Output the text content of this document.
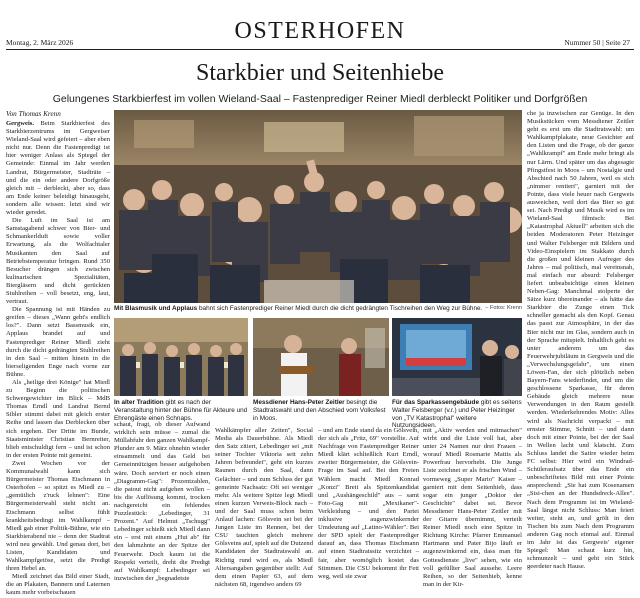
Montag, 2. März 2026	OSTERHOFEN	Nummer 50 | Seite 27
Starkbier und Seitenhiebe
Gelungenes Starkbierfest im vollen Wieland-Saal – Fastenprediger Reiner Miedl derbleckt Politiker und Dorfgrößen
Von Thomas Krenn

Gergweis. Beim Starkbierfest des Starkbierzentrums im Gergweiser Wieland-Saal wird gefeiert – aber eben nicht nur. Denn die Fastenpredigt ist hier weniger Anlass als Spiegel der Gemeinde: Einmal im Jahr werden Landrat, Bürgermeister, Stadträte – und die ein oder andere Dorfgröße gleich mit – derbleckt, aber so, dass am Ende keiner beleidigt hinausgeht, sondern alle wissen: letzt sind wir wieder geredet.

Die Luft im Saal ist am Samstagabend schwer von Bier- und Schmankerlduft sowie voller Erwartung, als die Wolfachtaler Musikanten den Saal auf Betriebstemperatur bringen. Rund 350 Besucher drängen sich zwischen kulinarischen Spezialitäten, Biergläsern und dicht gerückten Stuhlreihen – voll besetzt, eng, laut, vertraut.

Die Spannung ist mit Händen zu greifen – dieses „Wann geht's endlich los?". Dann setzt Bassmusik ein, Applaus brandet auf und Fastenprediger Reiner Miedl zieht durch die dicht gedrängten Stuhlreihen in den Saal – mitten hinein in die bierseligenden Enge nach vorne zur Bühne.

Als „heilige drei Könige" hat Miedl zu Beginn die politischen Schwergewichter im Blick – MdB Thomas Erndl und Landrat Bernd Sibler stimmt dabei mit gleich erster Reihe und lassen das Derblecken über sich ergehen. Der Dritte im Bunde, Staatsminister Christian Bernreiter, blieb entschuldigt fern – und ist schon in der ersten Pointe mit gemeint.

Zwei Wochen vor der Kommunalwahl kann sich Bürgermeister Thomas Etschmann in Osterhofen – so spitzt es Miedl zu – „gemütlich z'ruck lehnen": Eine Bürgermeisterwahl steht nicht an. Etschmann selbst fühlt krankheitsbedingt im Wahlkampf – Miedl gab einer Politik-Bühne, wie ein Starkbierabend nie – denn der Stadtrat wird neu gewählt. Und genau dort, bei Listen, Kandidaten und Wahlkampfgetöse, setzt die Predigt ihren Hebel an.

Miedl zeichnet das Bild einer Stadt, die an Plakaten, Bannern und Laternen kaum mehr vorbeischauen

Mit Blasmusik und Applaus bahnt sich Fastenprediger Reiner Miedl durch die dicht gedrängten Tischreihen den Weg zur Bühne. – Fotos: Krenn

che ja inzwischen zur Genüge. In den Musikstücken vom Messdiener Zeitler geht es erst um die Stadtratswahl: um Wahlkampfplakate, neue Gesichter auf den Listen und die Frage, ob der ganze „Wahlkrampf" am Ende mehr bringt als nur Lärm. Und später um das abgesagte Pfingstfest in Moos – um Nostalgie und Abschied nach 50 Jahren, weil es sich „nimmer rentiert", garniert mit der Pointe, dass viele heuer nach Gergweis ausweichen, weil dort das Bier so gut sei. Nach Predigt und Musik wird es im Wieland-Saal filmisch: Bei „Katastrophal Aktuell" arbeiten sich die beiden Moderatoren Peter Heizinger und Walter Felsberger mit Bildern und Video-Einspielern im Stakkato durch die großen und kleinen Aufreger des Jahres – mal politisch, mal vereinsnah, mal einfach nur absurd: Felsberger liefert unbeabsichtige einen kleinen Neben-Gag: Manchmal stolperte der Sätze kurz übereinander – als hätte das Starkbier die Zunge einen Tick schneller gemacht als den Kopf. Genau das passt zur Atmosphäre, in der das Bier nicht nur im Glas, sondern auch in der Sprache mitspielt. Inhaltlich geht es unter anderem um das Feuerwehrjubiläum in Gergweis und die „Verwechslungsgefahr", um einen Löwen-Fan, der sich plötzlich neben Bayern-Fans wiederfindet, und um die geschlossene Sparkasse, für deren Gebäude gleich mehrere neue Verwendungen in den Raum gestellt werden. Wiederkehrendes Motiv: Alles wird als Nachricht verpackt – mit ernster Stimme, Schnitt – und dann doch mit einer Pointe, bei der der Saal in Wellen lacht und klatscht. Zum Schluss landet die Satire wieder beim FC selbst: Hier wird ein Windrad-Schüleraufsatz über das Ende ein unbeschriftetes Bild mit einer Pointe ansprechend: „Sie hat zum Kosenamen „Sisi-chen an der Hundsdreck-Allee". Nach dem Programm ist im Wieland-Saal längst nicht Schluss: Man feiert weiter, steht an, und grölt in den Tischen bis zum Nach dem Programm anderen Gag noch einmal auf. Einmal im Jahr ist das Gergweis' eigener Spiegel: Man schaut kurz hin, schmunzelt – und geht ein Stück geerdeter nach Hause.

In alter Tradition gibt es nach der Veranstaltung hinter der Bühne für Akteure und Ehrengäste einen Schnaps.
Messdiener Hans-Peter Zeitler besingt die Stadtratswahl und den Abschied vom Volksfest in Moos.
Für das Sparkassengebäude gibt es seitens Walter Felsberger (v.r.) und Peter Heizinger von „TV Katastrophal" weitere Nutzungsideen.

schaut, fragt, ob dieser Aufwand wirklich sein müsse – zumal die Müllabfuhr den ganzen Wahlkampf-Plunder am 9. März ohnehin wieder einsammelt und das Geld bei Gemeinnützigen besser aufgehoben wäre. Doch serviert er noch einen „Diagramm-Gag": Prozentzahlen, die patout nicht aufgehen wollen – bis die Auflösung kommt, trocken nachgereicht ein fehlendes Puzzlestück: „Lebedinger, 31 Prozent." Auf Helmut „Tschugg" Lebedinger schießt sich Miedl dann ein – erst mit einem „Hut ab" für den lahmzhnte an der Spitze der Feuerwehr. Doch kaum ist die Respekt verteilt, dreht die Predigt auf Wahlkampf: Lebedinger sei inzwischen der „begnadetste

Wahlkämpfer aller Zeiten", Social Media als Dauerbühne. Als Miedl den Satz zitiert, Lebedinger sei „mit seiner Tochter Viktoria seit zehn Jahren befreundet", geht ein kurzes Raunen durch den Saal, dann Gelächter – und zum Schluss der gut gemeinte Nachsatz: Oft sei weniger mehr. Als weitere Spitze legt Miedl einen kurzen Verweis-Block nach – und der Saal muss schon beim Anlauf lachen: Gölsvein sei bei der Jungen Liste im Rennen, bei der CSU tauchten gleich mehrere Gölsveins auf, spielt auf die Dutzend Kandidaten der Stadtratswahl an. Richtig rund wird es, als Miedl Altersangaben gegenüber stellt: Auf dem einen Papier 63, auf dem nächsten 68, irgendwo anders 69

– und am Ende stand da ein Gölsvein, der sich als „Fritz, 69" vorstellte. Auf Nachfrage von Fastenprediger Reiner Miedl klärt schließlich Kurt Erndl, zweiter Bürgermeister, die Gölsvein-Frage im Saal auf. Bei den Freien Wählern macht Miedl Konrad „Konzi" Breit als Spitzenkandidat und „Aushängeschild" aus – samt Foto-Gag mit „Mexikaner"-Verkleidung – und den Partei inklusive augenzwinkernder Umdeutung auf „Latino-Wähler". Bei der SPD spielt der Fastenprediger darauf an, dass Thomas Etschmann auf einen Stadtratssitz verzichtet – fair, aber womöglich kostet das Stimmen. Die CSU bekommt ihr Fett weg, weil sie zwar

mit „Aktiv werden und mitmachen" wirbt und die Liste voll hat, aber unter 24 Namen nur drei Frauen – worauf Miedl Rosmarie Mattis als Powerfrau hervorhebt. Die Junge Liste zeichnet er als frischen Wind – vormeweg „Super Mario" Kaiser – garniert mit dem Seitenhieb, dass sogar ein junger „Doktor der Geschichte" dabei sei. Bevor Messdiener Hans-Peter Zeitler mit der Gitarre übernimmt, verteilt Reiner Miedl noch eine Spitze in Richtung Kirche: Pfarrer Emmanuel Hartmann und Pater Bijo läuft er augenzwinkernd ein, dass man für Gottesdienste „live" sehen, wie ein voll gefüllter Saal aussehe. Leere Reihen, so der Seitenhieb, kenne man in der Kir-
